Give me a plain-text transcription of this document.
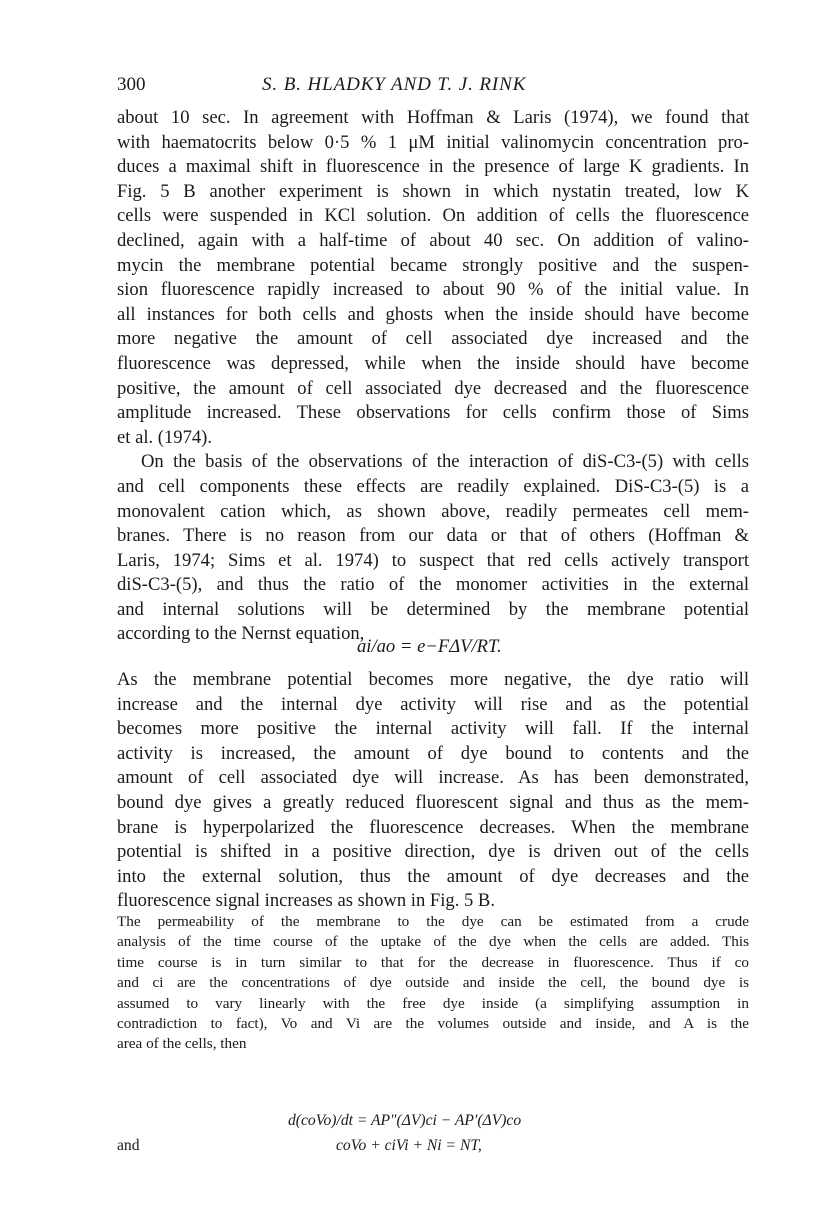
300	S. B. HLADKY AND T. J. RINK

about 10 sec. In agreement with Hoffman & Laris (1974), we found that
with haematocrits below 0·5 % 1 μM initial valinomycin concentration pro-
duces a maximal shift in fluorescence in the presence of large K gradients. In
Fig. 5 B another experiment is shown in which nystatin treated, low K
cells were suspended in KCl solution. On addition of cells the fluorescence
declined, again with a half-time of about 40 sec. On addition of valino-
mycin the membrane potential became strongly positive and the suspen-
sion fluorescence rapidly increased to about 90 % of the initial value. In
all instances for both cells and ghosts when the inside should have become
more negative the amount of cell associated dye increased and the
fluorescence was depressed, while when the inside should have become
positive, the amount of cell associated dye decreased and the fluorescence
amplitude increased. These observations for cells confirm those of Sims
et al. (1974).

On the basis of the observations of the interaction of diS-C3-(5) with cells
and cell components these effects are readily explained. DiS-C3-(5) is a
monovalent cation which, as shown above, readily permeates cell mem-
branes. There is no reason from our data or that of others (Hoffman &
Laris, 1974; Sims et al. 1974) to suspect that red cells actively transport
diS-C3-(5), and thus the ratio of the monomer activities in the external
and internal solutions will be determined by the membrane potential
according to the Nernst equation,

ai/ao = e−FΔV/RT.

As the membrane potential becomes more negative, the dye ratio will
increase and the internal dye activity will rise and as the potential
becomes more positive the internal activity will fall. If the internal
activity is increased, the amount of dye bound to contents and the
amount of cell associated dye will increase. As has been demonstrated,
bound dye gives a greatly reduced fluorescent signal and thus as the mem-
brane is hyperpolarized the fluorescence decreases. When the membrane
potential is shifted in a positive direction, dye is driven out of the cells
into the external solution, thus the amount of dye decreases and the
fluorescence signal increases as shown in Fig. 5 B.

The permeability of the membrane to the dye can be estimated from a crude
analysis of the time course of the uptake of the dye when the cells are added. This
time course is in turn similar to that for the decrease in fluorescence. Thus if co
and ci are the concentrations of dye outside and inside the cell, the bound dye is
assumed to vary linearly with the free dye inside (a simplifying assumption in
contradiction to fact), Vo and Vi are the volumes outside and inside, and A is the
area of the cells, then
d(coVo)/dt = AP″(ΔV)ci − AP′(ΔV)co
and	coVo + ciVi + Ni = NT,
